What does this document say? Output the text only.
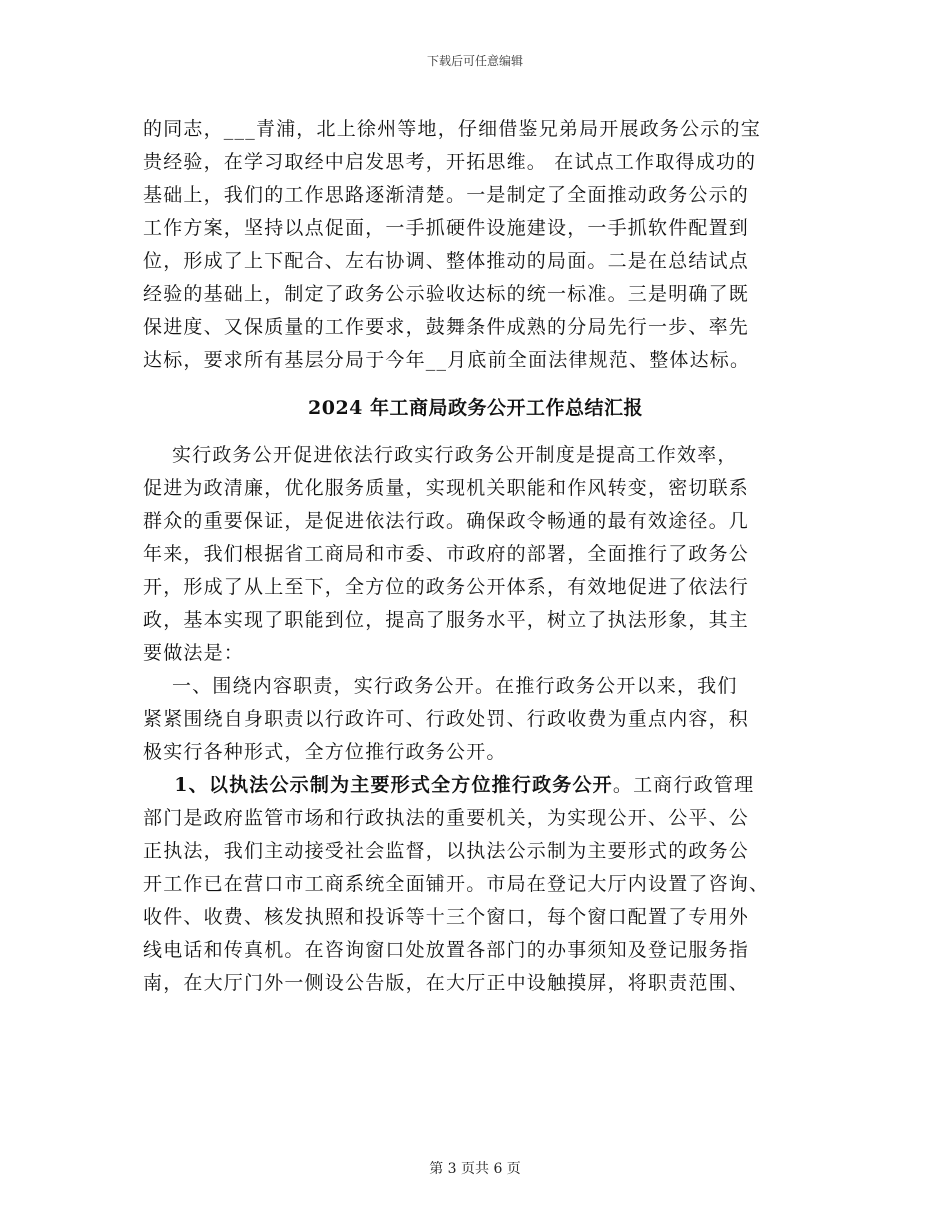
下载后可任意编辑
的同志，___青浦，北上徐州等地，仔细借鉴兄弟局开展政务公示的宝
贵经验，在学习取经中启发思考，开拓思维。 在试点工作取得成功的
基础上，我们的工作思路逐渐清楚。一是制定了全面推动政务公示的
工作方案，坚持以点促面，一手抓硬件设施建设，一手抓软件配置到
位，形成了上下配合、左右协调、整体推动的局面。二是在总结试点
经验的基础上，制定了政务公示验收达标的统一标准。三是明确了既
保进度、又保质量的工作要求，鼓舞条件成熟的分局先行一步、率先
达标，要求所有基层分局于今年__月底前全面法律规范、整体达标。
2024 年工商局政务公开工作总结汇报
实行政务公开促进依法行政实行政务公开制度是提高工作效率，
促进为政清廉，优化服务质量，实现机关职能和作风转变，密切联系
群众的重要保证，是促进依法行政。确保政令畅通的最有效途径。几
年来，我们根据省工商局和市委、市政府的部署，全面推行了政务公
开，形成了从上至下，全方位的政务公开体系，有效地促进了依法行
政，基本实现了职能到位，提高了服务水平，树立了执法形象，其主
要做法是：
一、围绕内容职责，实行政务公开。在推行政务公开以来，我们
紧紧围绕自身职责以行政许可、行政处罚、行政收费为重点内容，积
极实行各种形式，全方位推行政务公开。
1、以执法公示制为主要形式全方位推行政务公开。工商行政管理
部门是政府监管市场和行政执法的重要机关，为实现公开、公平、公
正执法，我们主动接受社会监督，以执法公示制为主要形式的政务公
开工作已在营口市工商系统全面铺开。市局在登记大厅内设置了咨询、
收件、收费、核发执照和投诉等十三个窗口，每个窗口配置了专用外
线电话和传真机。在咨询窗口处放置各部门的办事须知及登记服务指
南，在大厅门外一侧设公告版，在大厅正中设触摸屏，将职责范围、
第 3 页共 6 页
